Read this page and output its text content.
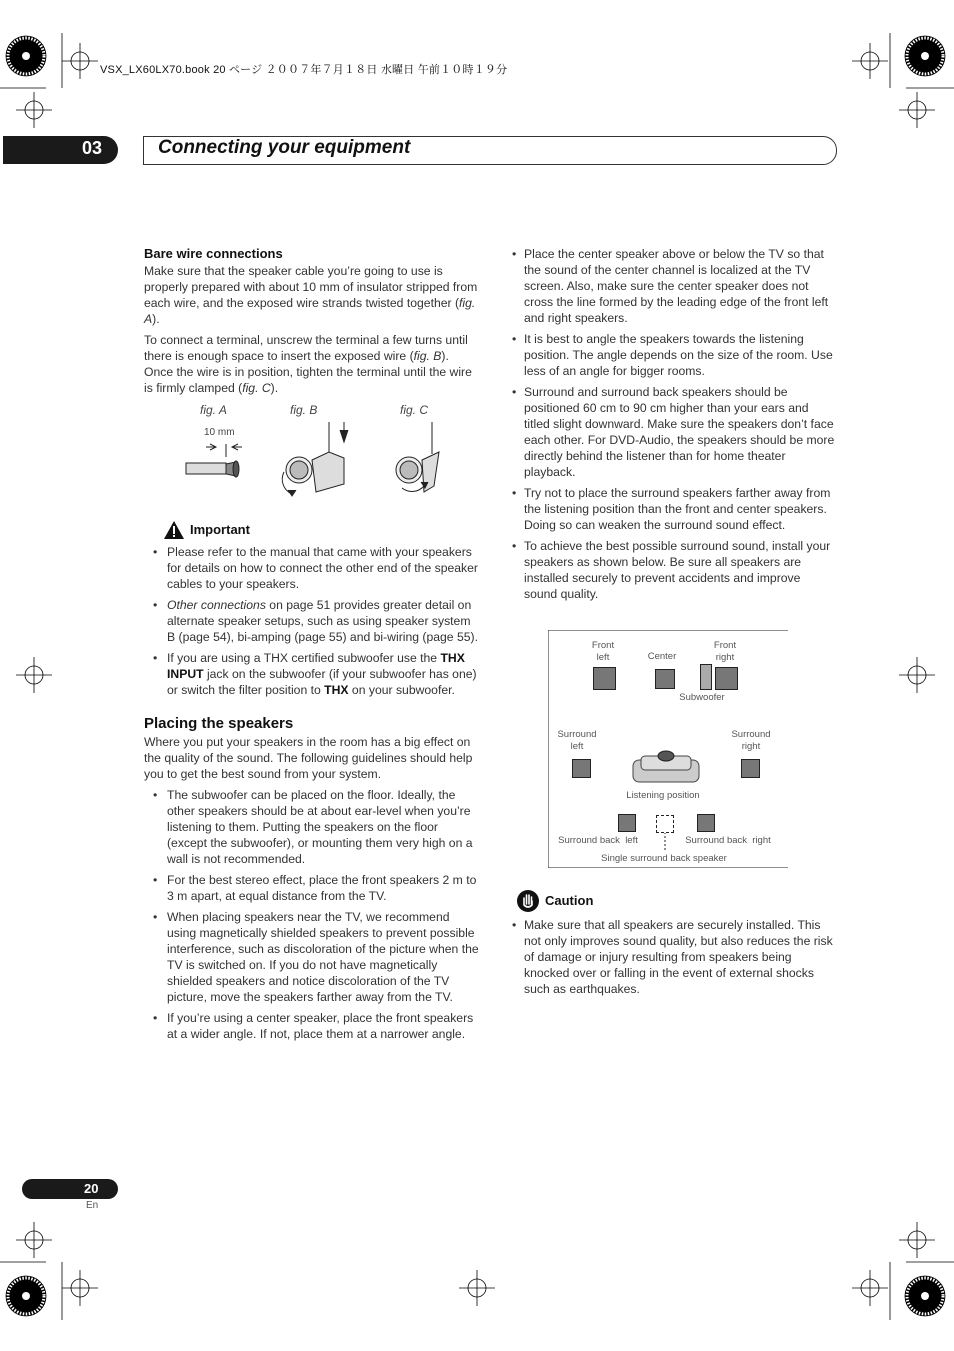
VSX_LX60LX70.book 20 ページ ２００７年７月１８日 水曜日 午前１０時１９分
03	Connecting your equipment
Bare wire connections

Make sure that the speaker cable you’re going to use is properly prepared with about 10 mm of insulator stripped from each wire, and the exposed wire strands twisted together (fig. A).

To connect a terminal, unscrew the terminal a few turns until there is enough space to insert the exposed wire (fig. B). Once the wire is in position, tighten the terminal until the wire is firmly clamped (fig. C).

fig. A	fig. B	fig. C
10 mm
Important
• Please refer to the manual that came with your speakers for details on how to connect the other end of the speaker cables to your speakers.
• Other connections on page 51 provides greater detail on alternate speaker setups, such as using speaker system B (page 54), bi-amping (page 55) and bi-wiring (page 55).
• If you are using a THX certified subwoofer use the THX INPUT jack on the subwoofer (if your subwoofer has one) or switch the filter position to THX on your subwoofer.
Placing the speakers

Where you put your speakers in the room has a big effect on the quality of the sound. The following guidelines should help you to get the best sound from your system.

• The subwoofer can be placed on the floor. Ideally, the other speakers should be at about ear-level when you’re listening to them. Putting the speakers on the floor (except the subwoofer), or mounting them very high on a wall is not recommended.
• For the best stereo effect, place the front speakers 2 m to 3 m apart, at equal distance from the TV.
• When placing speakers near the TV, we recommend using magnetically shielded speakers to prevent possible interference, such as discoloration of the picture when the TV is switched on. If you do not have magnetically shielded speakers and notice discoloration of the TV picture, move the speakers farther away from the TV.
• If you’re using a center speaker, place the front speakers at a wider angle. If not, place them at a narrower angle.
• Place the center speaker above or below the TV so that the sound of the center channel is localized at the TV screen. Also, make sure the center speaker does not cross the line formed by the leading edge of the front left and right speakers.
• It is best to angle the speakers towards the listening position. The angle depends on the size of the room. Use less of an angle for bigger rooms.
• Surround and surround back speakers should be positioned 60 cm to 90 cm higher than your ears and titled slight downward. Make sure the speakers don’t face each other. For DVD-Audio, the speakers should be more directly behind the listener than for home theater playback.
• Try not to place the surround speakers farther away from the listening position than the front and center speakers. Doing so can weaken the surround sound effect.
• To achieve the best possible surround sound, install your speakers as shown below. Be sure all speakers are installed securely to prevent accidents and improve sound quality.
Front
left	Center
Front
right
Subwoofer
Surround
left
Surround
right
Listening position
Surround back  left	Surround back  right
Single surround back speaker
Caution
• Make sure that all speakers are securely installed. This not only improves sound quality, but also reduces the risk of damage or injury resulting from speakers being knocked over or falling in the event of external shocks such as earthquakes.
20
En
